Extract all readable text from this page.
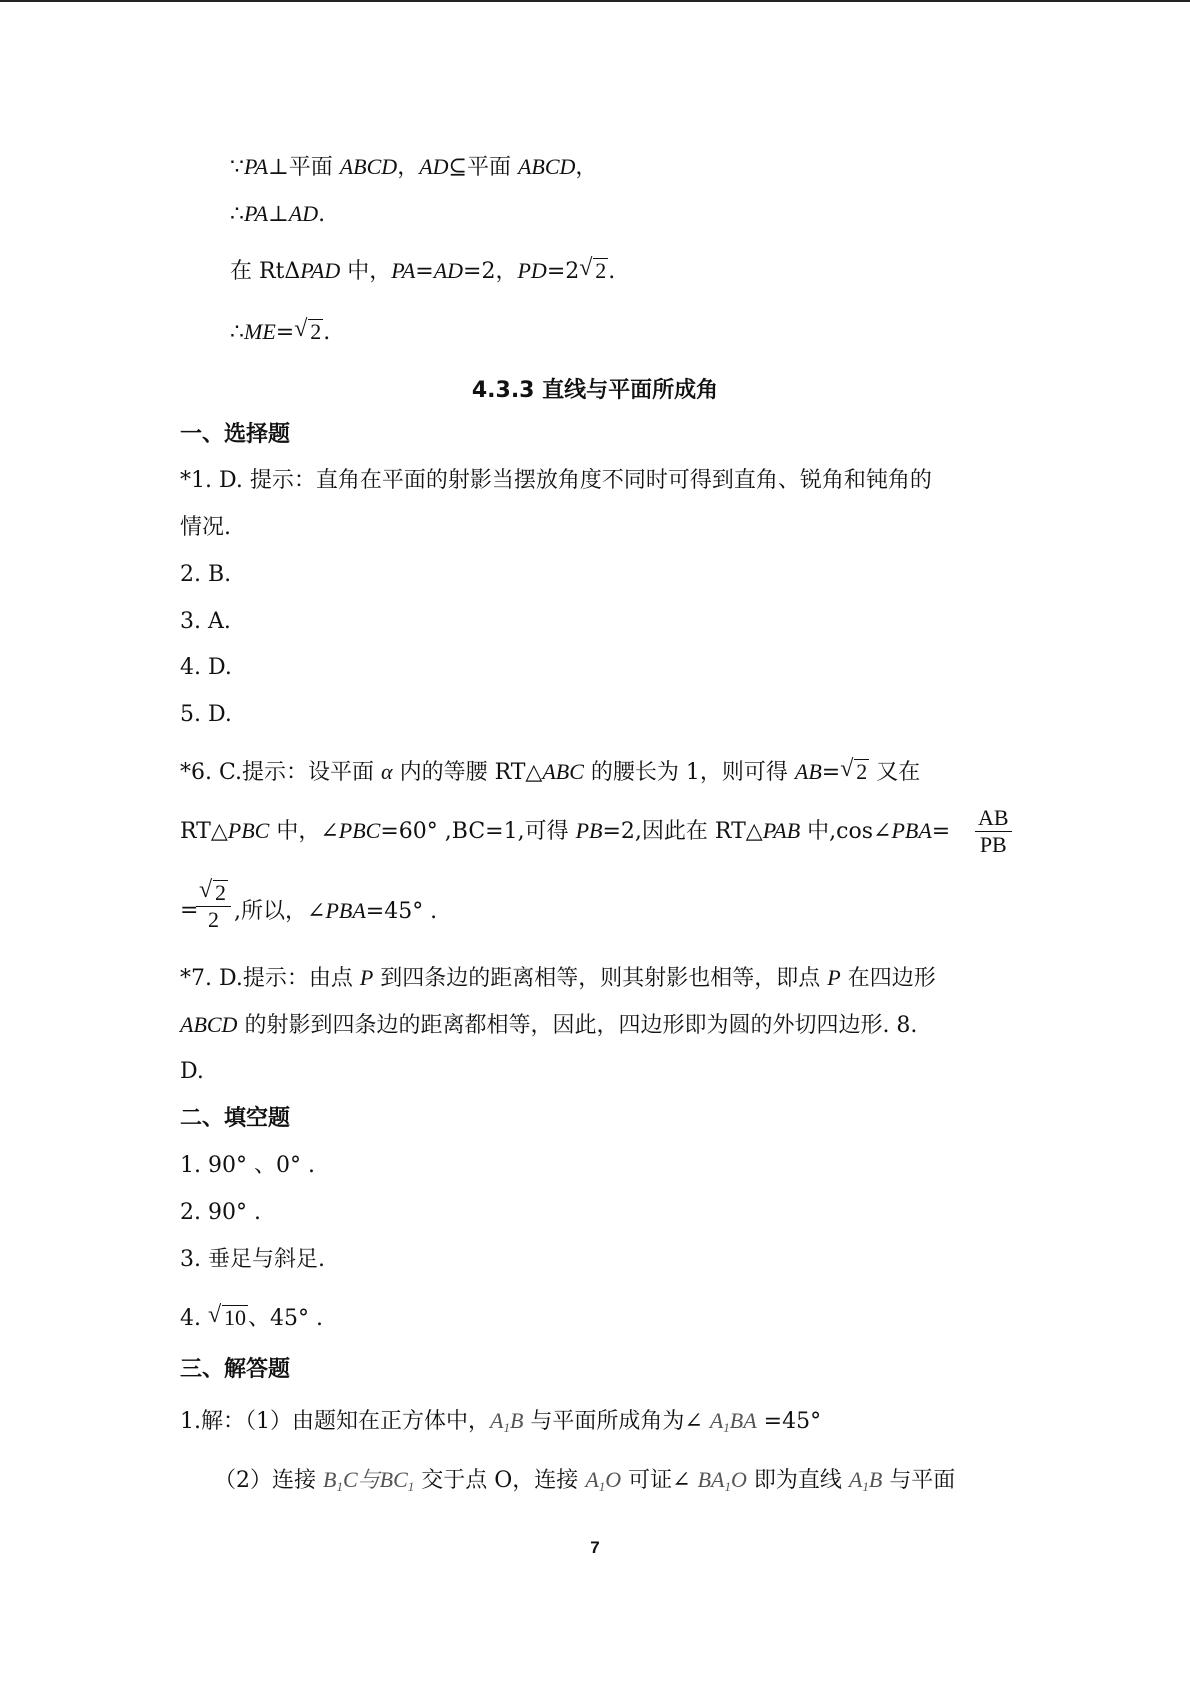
∵PA⊥平面 ABCD，AD⊆平面 ABCD，
∴PA⊥AD.
在 RtΔPAD 中，PA=AD=2，PD=2 √ 2.
∴ME= √ 2.
4.3.3 直线与平面所成角
一、选择题
*1. D. 提示：直角在平面的射影当摆放角度不同时可得到直角、锐角和钝角的
情况.
2. B.
3. A.
4. D.
5. D.
*6. C.提示：设平面 α 内的等腰 RT△ABC 的腰长为 1，则可得 AB= √ 2 又在
RT△PBC 中，∠PBC=60° ,BC=1,可得 PB=2,因此在 RT△PAB 中,cos∠PBA= $\frac{AB}{PB}$
=
$\frac{√ 2}{2}$ ,所以，∠PBA=45° .
*7. D.提示：由点 P 到四条边的距离相等，则其射影也相等，即点 P 在四边形
ABCD 的射影到四条边的距离都相等，因此，四边形即为圆的外切四边形. 8.
D.
二、填空题
1. 90° 、0° .
2. 90° .
3. 垂足与斜足.
4. √ 10、45° .
三、解答题
1.解：（1）由题知在正方体中，$A_1B$ 与平面所成角为∠ $A_1BA =45^\circ$
（2）连接 $B_1C$与$BC_1$ 交于点 O，连接 $A_1O$ 可证∠ $BA_1O$ 即为直线 $A_1B$ 与平面
7
